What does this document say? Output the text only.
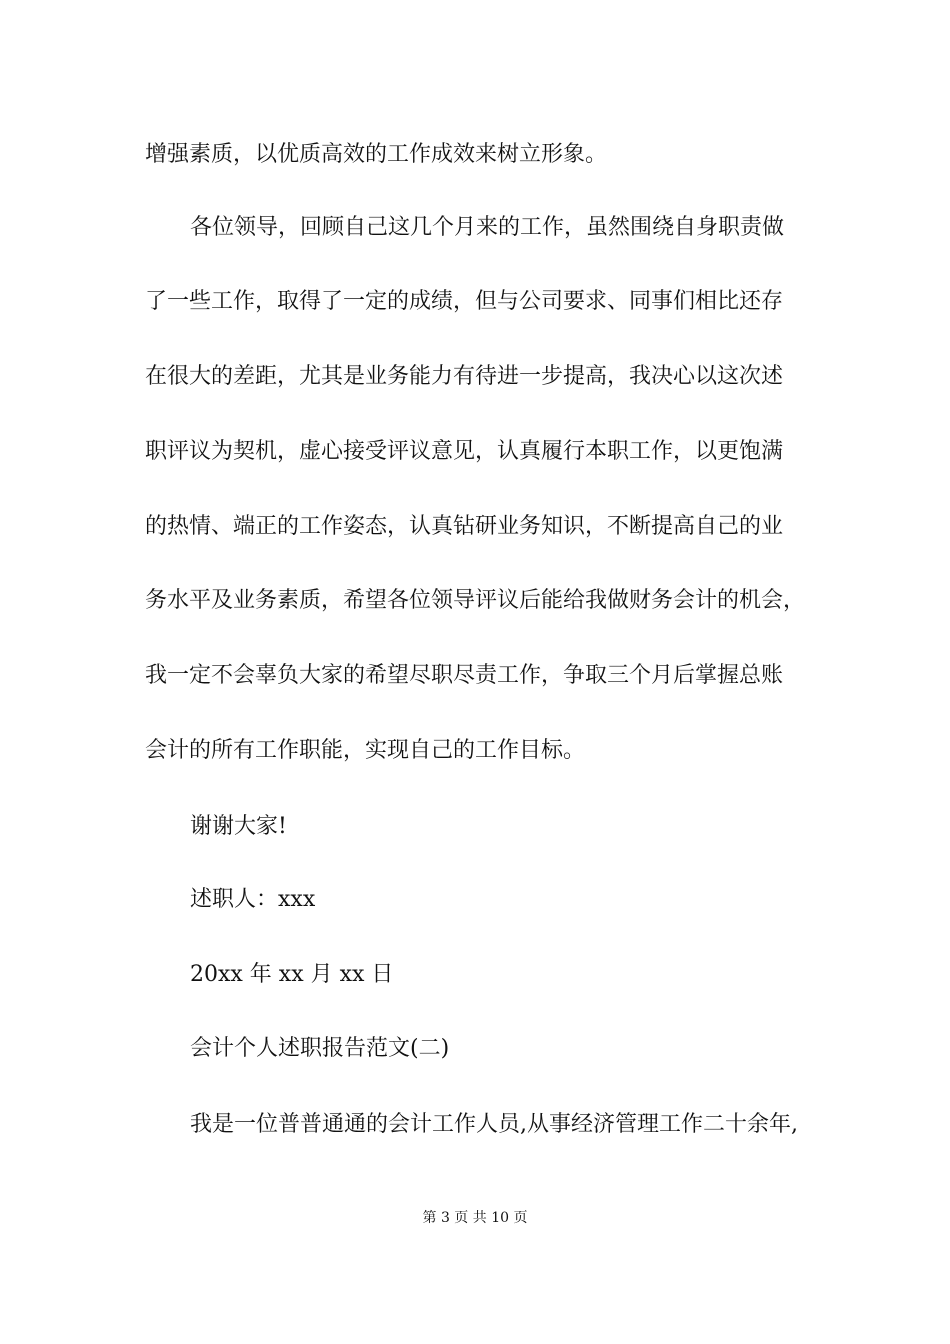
增强素质，以优质高效的工作成效来树立形象。
各位领导，回顾自己这几个月来的工作，虽然围绕自身职责做
了一些工作，取得了一定的成绩，但与公司要求、同事们相比还存
在很大的差距，尤其是业务能力有待进一步提高，我决心以这次述
职评议为契机，虚心接受评议意见，认真履行本职工作，以更饱满
的热情、端正的工作姿态，认真钻研业务知识，不断提高自己的业
务水平及业务素质，希望各位领导评议后能给我做财务会计的机会，
我一定不会辜负大家的希望尽职尽责工作，争取三个月后掌握总账
会计的所有工作职能，实现自己的工作目标。
谢谢大家!
述职人：xxx
20xx 年 xx 月 xx 日
会计个人述职报告范文(二)
我是一位普普通通的会计工作人员,从事经济管理工作二十余年,
第 3 页 共 10 页
